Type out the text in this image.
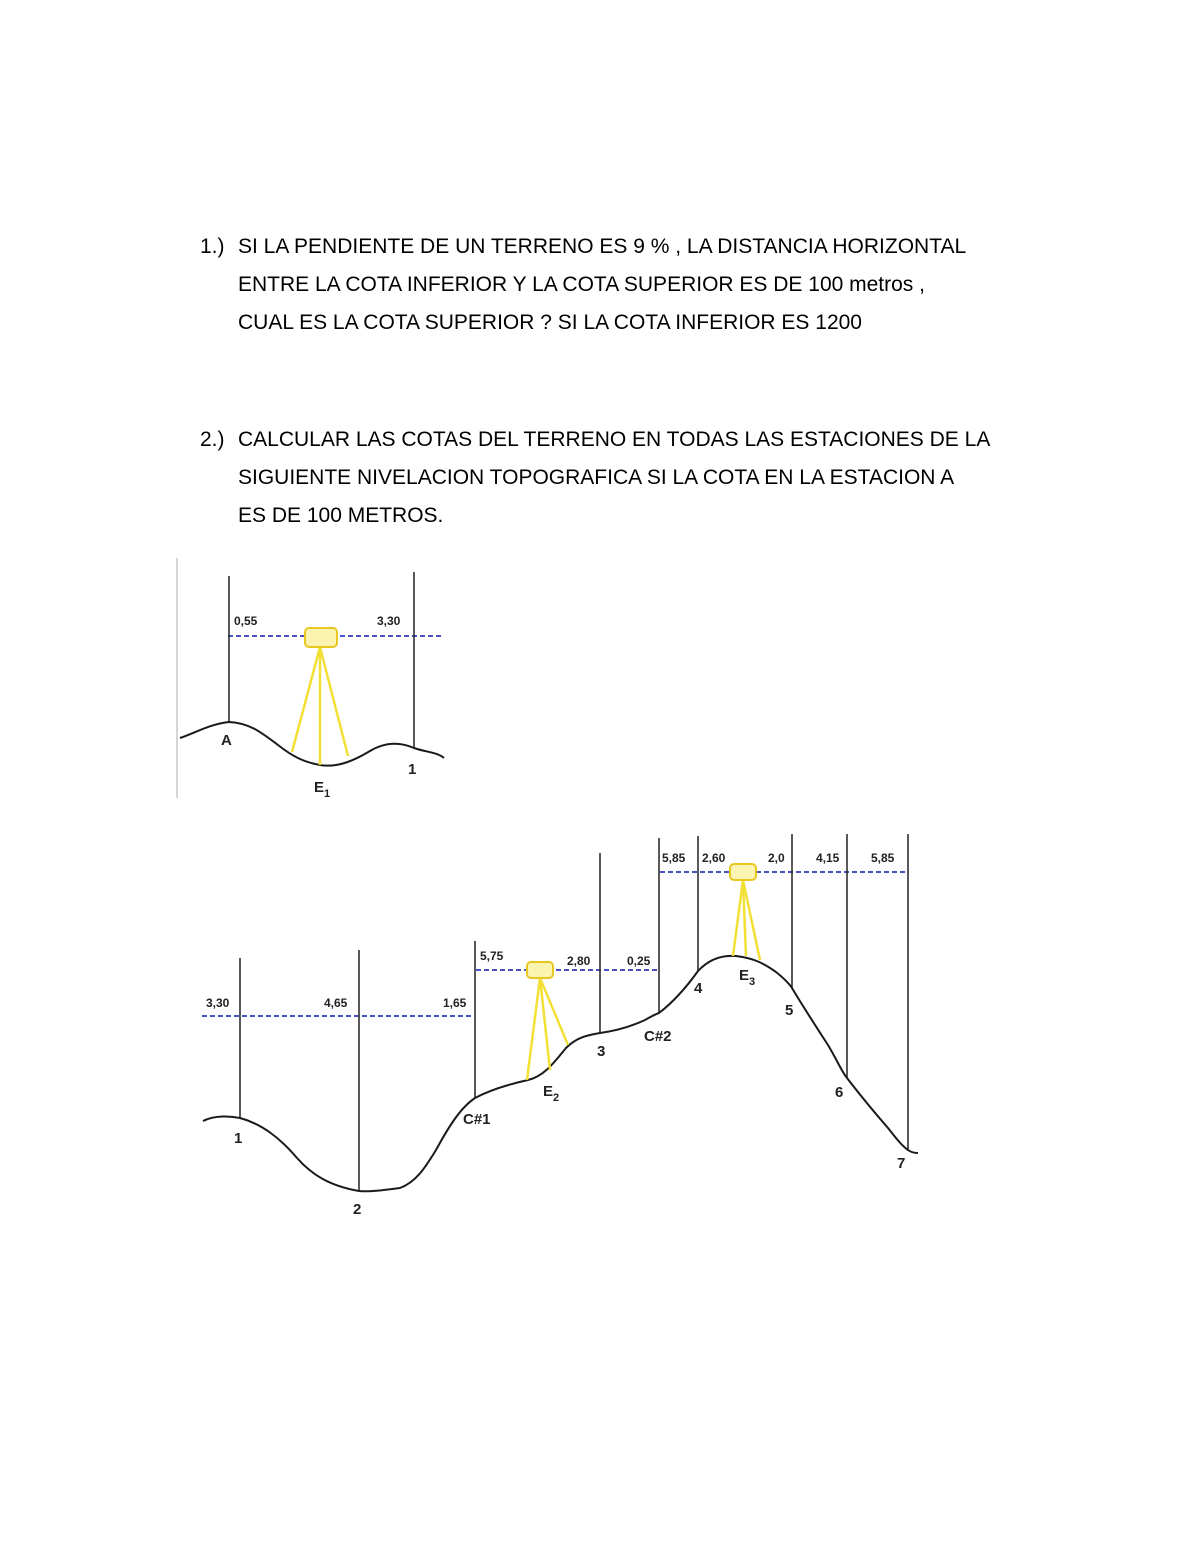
1.) SI LA PENDIENTE DE UN TERRENO ES 9 % , LA DISTANCIA HORIZONTAL
ENTRE LA COTA INFERIOR Y LA COTA SUPERIOR ES DE 100 metros ,
CUAL ES LA COTA SUPERIOR ? SI LA COTA INFERIOR ES 1200
2.) CALCULAR LAS COTAS DEL TERRENO EN TODAS LAS ESTACIONES DE LA
SIGUIENTE NIVELACION TOPOGRAFICA SI LA COTA EN LA ESTACION A
ES DE 100 METROS.
0,55	3,30
A
1
$E_1$
3,30	4,65	1,65
5,75	2,80	0,25
5,85 2,60	2,0	4,15	5,85
1
2
C#1
3
C#2
4
5
6
7
$E_2$
$E_3$
